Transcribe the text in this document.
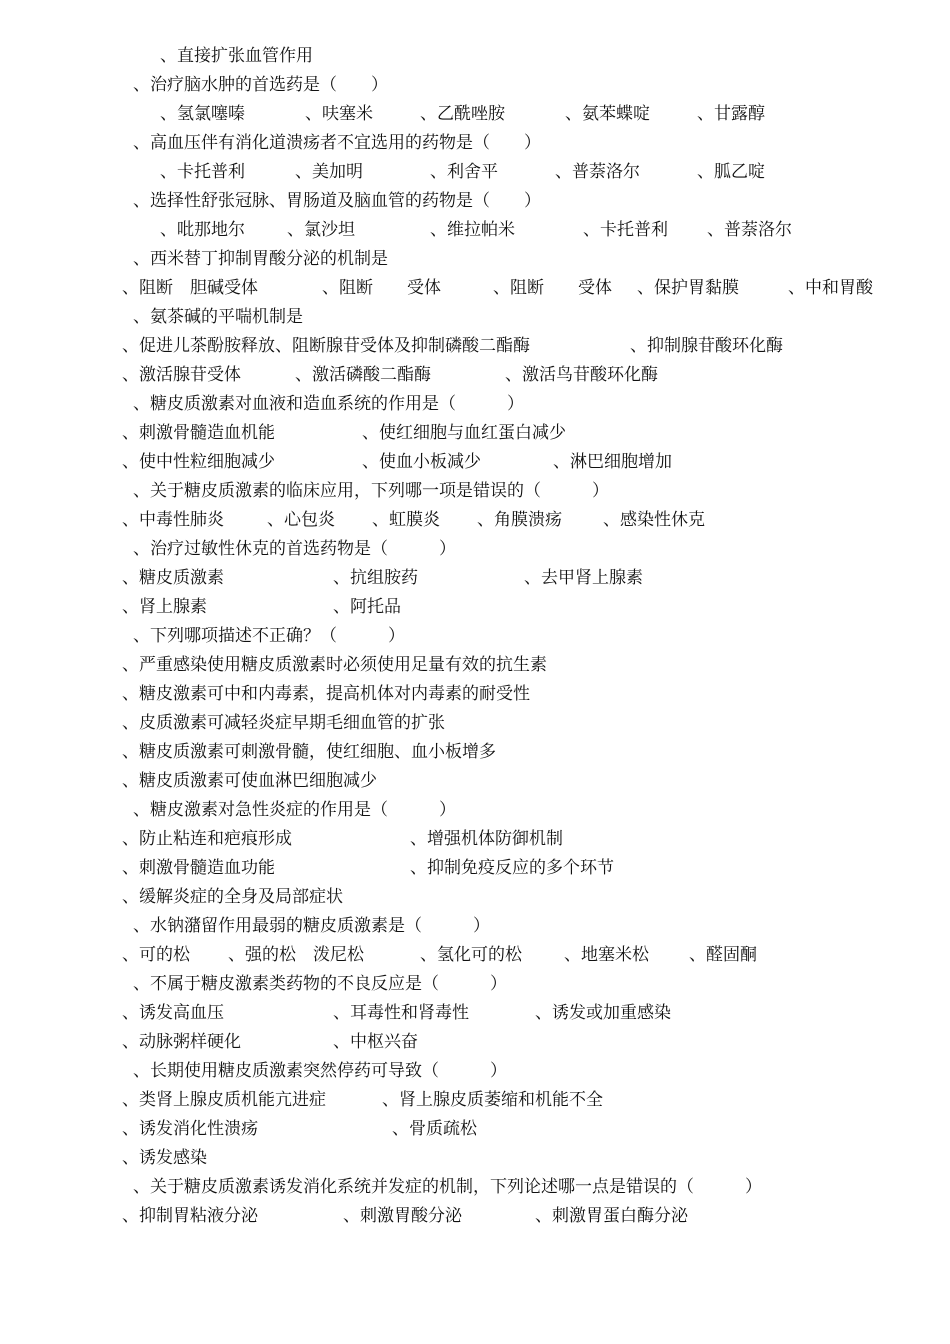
、直接扩张血管作用

、治疗脑水肿的首选药是（　　）

、氢氯噻嗪

	、呋塞米

	、乙酰唑胺

	、氨苯蝶啶

	、甘露醇

、高血压伴有消化道溃疡者不宜选用的药物是（　　）

、卡托普利

	、美加明

	、利舍平

	、普萘洛尔

	、胍乙啶

、选择性舒张冠脉、胃肠道及脑血管的药物是（　　）

、吡那地尔

、氯沙坦

	、维拉帕米

	、卡托普利

、普萘洛尔

、西米替丁抑制胃酸分泌的机制是

、阻断　胆碱受体

	、阻断　　受体

	、阻断　　受体

、保护胃黏膜

	、中和胃酸

、氨茶碱的平喘机制是

、促进儿茶酚胺释放、阻断腺苷受体及抑制磷酸二酯酶

	、抑制腺苷酸环化酶

、激活腺苷受体

	、激活磷酸二酯酶

	、激活鸟苷酸环化酶

、糖皮质激素对血液和造血系统的作用是（　　　）

、刺激骨髓造血机能

	、使红细胞与血红蛋白减少

、使中性粒细胞减少

	、使血小板减少

	、淋巴细胞增加

、关于糖皮质激素的临床应用，下列哪一项是错误的（　　　）

、中毒性肺炎

	、心包炎

、虹膜炎

、角膜溃疡

、感染性休克

、治疗过敏性休克的首选药物是（　　　）

、糖皮质激素

	、抗组胺药

	、去甲肾上腺素

、肾上腺素

	、阿托品

、下列哪项描述不正确？（　　　）

、严重感染使用糖皮质激素时必须使用足量有效的抗生素

、糖皮激素可中和内毒素，提高机体对内毒素的耐受性

、皮质激素可减轻炎症早期毛细血管的扩张

、糖皮质激素可刺激骨髓，使红细胞、血小板增多

、糖皮质激素可使血淋巴细胞减少

、糖皮激素对急性炎症的作用是（　　　）

、防止粘连和疤痕形成

	、增强机体防御机制

、刺激骨髓造血功能

	、抑制免疫反应的多个环节

、缓解炎症的全身及局部症状

、水钠潴留作用最弱的糖皮质激素是（　　　）

、可的松

、强的松　泼尼松

	、氢化可的松

、地塞米松

、醛固酮

、不属于糖皮激素类药物的不良反应是（　　　）

、诱发高血压

	、耳毒性和肾毒性

	、诱发或加重感染

、动脉粥样硬化

	、中枢兴奋

、长期使用糖皮质激素突然停药可导致（　　　）

、类肾上腺皮质机能亢进症

	、肾上腺皮质萎缩和机能不全

、诱发消化性溃疡

	、骨质疏松

、诱发感染

、关于糖皮质激素诱发消化系统并发症的机制，下列论述哪一点是错误的（　　　）

、抑制胃粘液分泌

	、刺激胃酸分泌

	、刺激胃蛋白酶分泌
